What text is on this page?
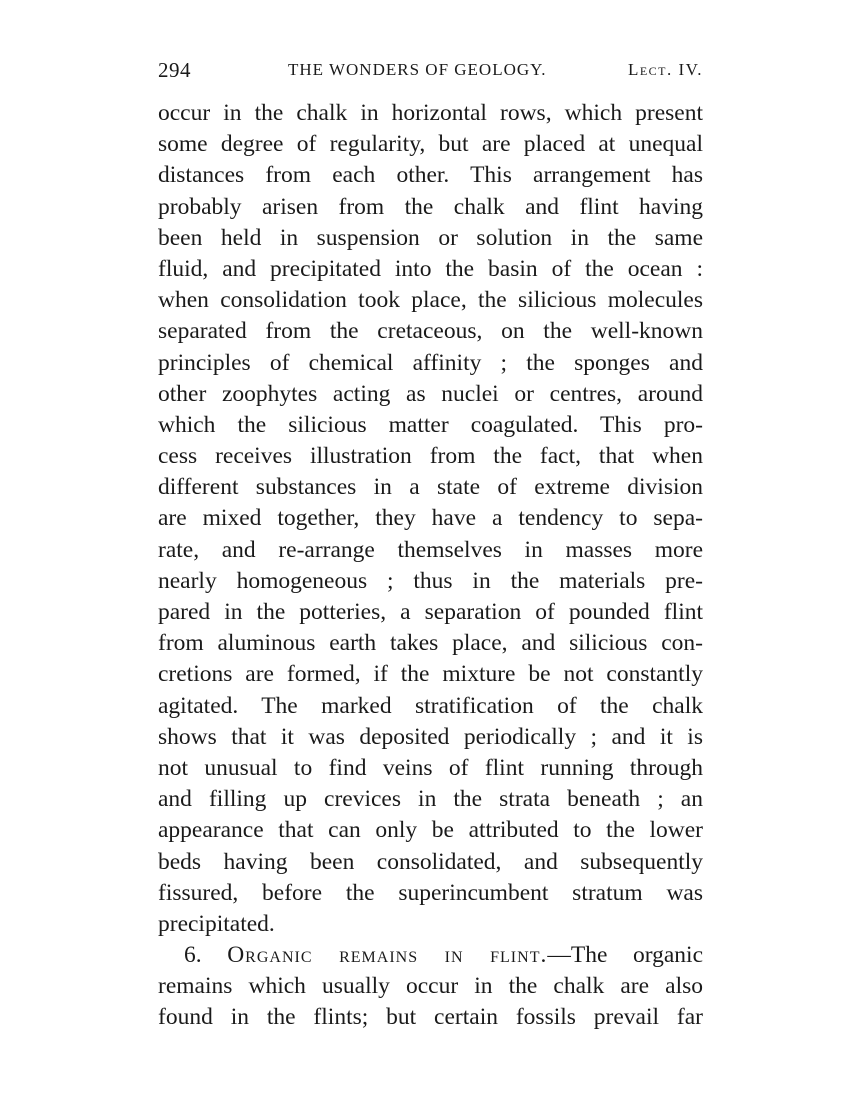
294	THE WONDERS OF GEOLOGY.	Lect. IV.
occur in the chalk in horizontal rows, which present
some degree of regularity, but are placed at unequal
distances from each other. This arrangement has
probably arisen from the chalk and flint having
been held in suspension or solution in the same
fluid, and precipitated into the basin of the ocean :
when consolidation took place, the silicious molecules
separated from the cretaceous, on the well-known
principles of chemical affinity ; the sponges and
other zoophytes acting as nuclei or centres, around
which the silicious matter coagulated. This pro-
cess receives illustration from the fact, that when
different substances in a state of extreme division
are mixed together, they have a tendency to sepa-
rate, and re-arrange themselves in masses more
nearly homogeneous ; thus in the materials pre-
pared in the potteries, a separation of pounded flint
from aluminous earth takes place, and silicious con-
cretions are formed, if the mixture be not constantly
agitated. The marked stratification of the chalk
shows that it was deposited periodically ; and it is
not unusual to find veins of flint running through
and filling up crevices in the strata beneath ; an
appearance that can only be attributed to the lower
beds having been consolidated, and subsequently
fissured, before the superincumbent stratum was
precipitated.
6. Organic remains in flint.—The organic
remains which usually occur in the chalk are also
found in the flints; but certain fossils prevail far
